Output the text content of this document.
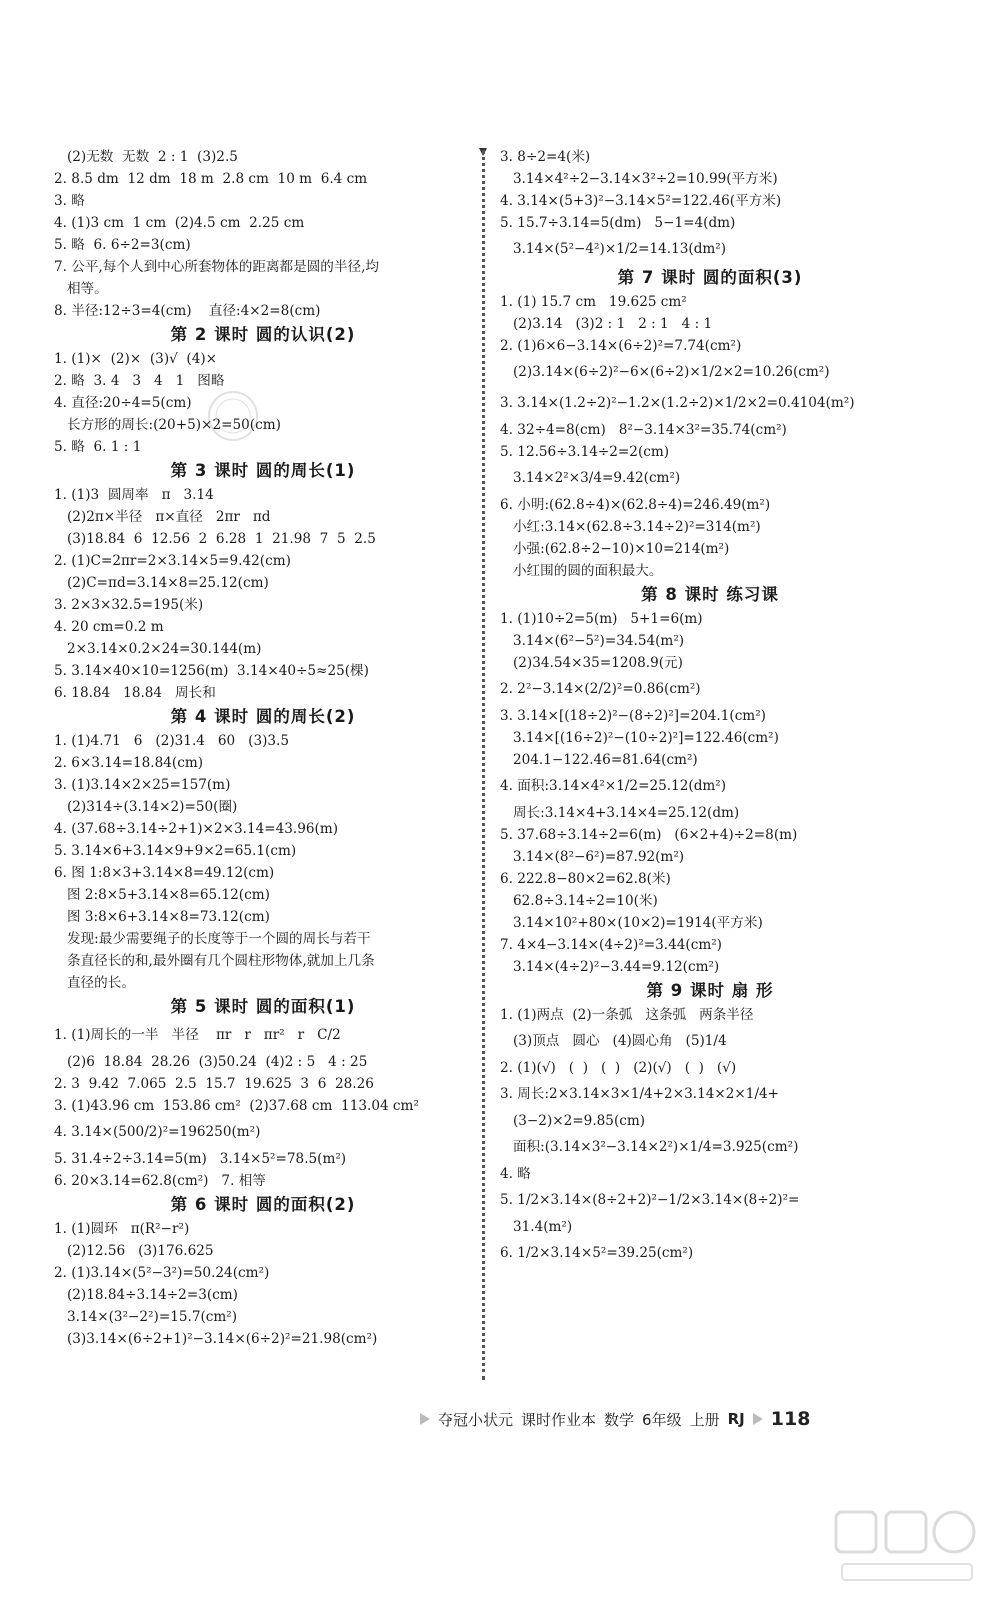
(2)无数  无数  2 : 1  (3)2.5
2. 8.5 dm  12 dm  18 m  2.8 cm  10 m  6.4 cm
3. 略
4. (1)3 cm  1 cm  (2)4.5 cm  2.25 cm
5. 略  6. 6÷2=3(cm)
7. 公平,每个人到中心所套物体的距离都是圆的半径,均
相等。
8. 半径:12÷3=4(cm)    直径:4×2=8(cm)
第 2 课时 圆的认识(2)
1. (1)×  (2)×  (3)√  (4)×
2. 略  3. 4   3   4   1   图略
4. 直径:20÷4=5(cm)
长方形的周长:(20+5)×2=50(cm)
5. 略  6. 1 : 1
第 3 课时 圆的周长(1)
1. (1)3  圆周率   π   3.14
(2)2π×半径   π×直径   2πr   πd
(3)18.84  6  12.56  2  6.28  1  21.98  7  5  2.5
2. (1)C=2πr=2×3.14×5=9.42(cm)
(2)C=πd=3.14×8=25.12(cm)
3. 2×3×32.5=195(米)
4. 20 cm=0.2 m
2×3.14×0.2×24=30.144(m)
5. 3.14×40×10=1256(m)  3.14×40÷5≈25(棵)
6. 18.84   18.84   周长和
第 4 课时 圆的周长(2)
1. (1)4.71   6   (2)31.4   60   (3)3.5
2. 6×3.14=18.84(cm)
3. (1)3.14×2×25=157(m)
(2)314÷(3.14×2)=50(圈)
4. (37.68÷3.14÷2+1)×2×3.14=43.96(m)
5. 3.14×6+3.14×9+9×2=65.1(cm)
6. 图 1:8×3+3.14×8=49.12(cm)
图 2:8×5+3.14×8=65.12(cm)
图 3:8×6+3.14×8=73.12(cm)
发现:最少需要绳子的长度等于一个圆的周长与若干
条直径长的和,最外圈有几个圆柱形物体,就加上几条
直径的长。
第 5 课时 圆的面积(1)
1. (1)周长的一半   半径    πr   r   πr²   r   C/2
(2)6  18.84  28.26  (3)50.24  (4)2 : 5   4 : 25
2. 3  9.42  7.065  2.5  15.7  19.625  3  6  28.26
3. (1)43.96 cm  153.86 cm²  (2)37.68 cm  113.04 cm²
4. 3.14×(500/2)²=196250(m²)
5. 31.4÷2÷3.14=5(m)   3.14×5²=78.5(m²)
6. 20×3.14=62.8(cm²)   7. 相等
第 6 课时 圆的面积(2)
1. (1)圆环   π(R²−r²)
(2)12.56   (3)176.625
2. (1)3.14×(5²−3²)=50.24(cm²)
(2)18.84÷3.14÷2=3(cm)
3.14×(3²−2²)=15.7(cm²)
(3)3.14×(6÷2+1)²−3.14×(6÷2)²=21.98(cm²)
3. 8÷2=4(米)
3.14×4²÷2−3.14×3²÷2=10.99(平方米)
4. 3.14×(5+3)²−3.14×5²=122.46(平方米)
5. 15.7÷3.14=5(dm)   5−1=4(dm)
3.14×(5²−4²)×1/2=14.13(dm²)
第 7 课时 圆的面积(3)
1. (1) 15.7 cm   19.625 cm²
(2)3.14   (3)2 : 1   2 : 1   4 : 1
2. (1)6×6−3.14×(6÷2)²=7.74(cm²)
(2)3.14×(6÷2)²−6×(6÷2)×1/2×2=10.26(cm²)
3. 3.14×(1.2÷2)²−1.2×(1.2÷2)×1/2×2=0.4104(m²)
4. 32÷4=8(cm)   8²−3.14×3²=35.74(cm²)
5. 12.56÷3.14÷2=2(cm)
3.14×2²×3/4=9.42(cm²)
6. 小明:(62.8÷4)×(62.8÷4)=246.49(m²)
小红:3.14×(62.8÷3.14÷2)²=314(m²)
小强:(62.8÷2−10)×10=214(m²)
小红围的圆的面积最大。
第 8 课时 练习课
1. (1)10÷2=5(m)   5+1=6(m)
3.14×(6²−5²)=34.54(m²)
(2)34.54×35=1208.9(元)
2. 2²−3.14×(2/2)²=0.86(cm²)
3. 3.14×[(18÷2)²−(8÷2)²]=204.1(cm²)
3.14×[(16÷2)²−(10÷2)²]=122.46(cm²)
204.1−122.46=81.64(cm²)
4. 面积:3.14×4²×1/2=25.12(dm²)
周长:3.14×4+3.14×4=25.12(dm)
5. 37.68÷3.14÷2=6(m)   (6×2+4)÷2=8(m)
3.14×(8²−6²)=87.92(m²)
6. 222.8−80×2=62.8(米)
62.8÷3.14÷2=10(米)
3.14×10²+80×(10×2)=1914(平方米)
7. 4×4−3.14×(4÷2)²=3.44(cm²)
3.14×(4÷2)²−3.44=9.12(cm²)
第 9 课时 扇 形
1. (1)两点  (2)一条弧   这条弧   两条半径
(3)顶点   圆心   (4)圆心角   (5)1/4
2. (1)(√)   (  )   (  )   (2)(√)   (  )   (√)
3. 周长:2×3.14×3×1/4+2×3.14×2×1/4+
(3−2)×2=9.85(cm)
面积:(3.14×3²−3.14×2²)×1/4=3.925(cm²)
4. 略
5. 1/2×3.14×(8÷2+2)²−1/2×3.14×(8÷2)²=
31.4(m²)
6. 1/2×3.14×5²=39.25(cm²)
夺冠小状元 课时作业本 数学 6年级 上册 RJ 118
